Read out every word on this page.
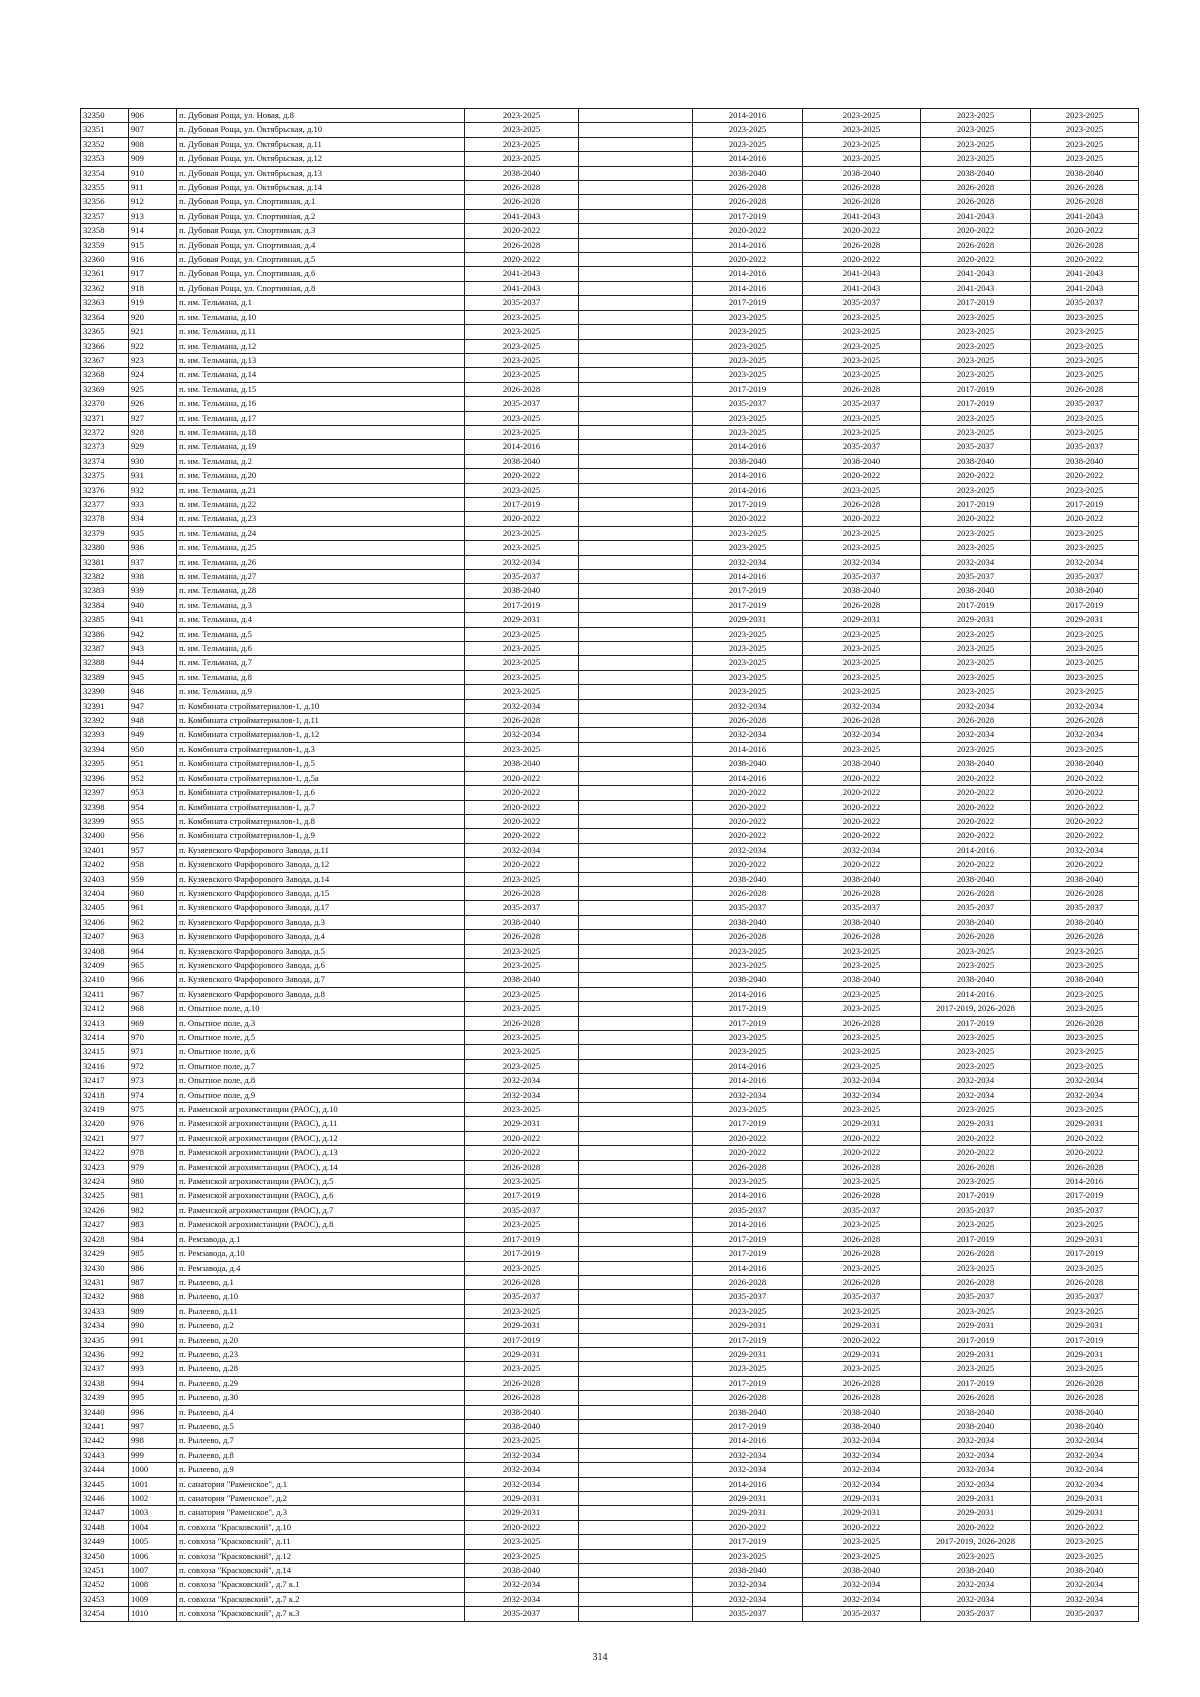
32350	906	п. Дубовая Роща, ул. Новая, д.8	2023-2025		2014-2016	2023-2025	2023-2025	2023-2025
32351	907	п. Дубовая Роща, ул. Октябрьская, д.10	2023-2025		2023-2025	2023-2025	2023-2025	2023-2025
32352	908	п. Дубовая Роща, ул. Октябрьская, д.11	2023-2025		2023-2025	2023-2025	2023-2025	2023-2025
32353	909	п. Дубовая Роща, ул. Октябрьская, д.12	2023-2025		2014-2016	2023-2025	2023-2025	2023-2025
32354	910	п. Дубовая Роща, ул. Октябрьская, д.13	2038-2040		2038-2040	2038-2040	2038-2040	2038-2040
32355	911	п. Дубовая Роща, ул. Октябрьская, д.14	2026-2028		2026-2028	2026-2028	2026-2028	2026-2028
32356	912	п. Дубовая Роща, ул. Спортивная, д.1	2026-2028		2026-2028	2026-2028	2026-2028	2026-2028
32357	913	п. Дубовая Роща, ул. Спортивная, д.2	2041-2043		2017-2019	2041-2043	2041-2043	2041-2043
32358	914	п. Дубовая Роща, ул. Спортивная, д.3	2020-2022		2020-2022	2020-2022	2020-2022	2020-2022
32359	915	п. Дубовая Роща, ул. Спортивная, д.4	2026-2028		2014-2016	2026-2028	2026-2028	2026-2028
32360	916	п. Дубовая Роща, ул. Спортивная, д.5	2020-2022		2020-2022	2020-2022	2020-2022	2020-2022
32361	917	п. Дубовая Роща, ул. Спортивная, д.6	2041-2043		2014-2016	2041-2043	2041-2043	2041-2043
32362	918	п. Дубовая Роща, ул. Спортивная, д.8	2041-2043		2014-2016	2041-2043	2041-2043	2041-2043
32363	919	п. им. Тельмана, д.1	2035-2037		2017-2019	2035-2037	2017-2019	2035-2037
32364	920	п. им. Тельмана, д.10	2023-2025		2023-2025	2023-2025	2023-2025	2023-2025
32365	921	п. им. Тельмана, д.11	2023-2025		2023-2025	2023-2025	2023-2025	2023-2025
32366	922	п. им. Тельмана, д.12	2023-2025		2023-2025	2023-2025	2023-2025	2023-2025
32367	923	п. им. Тельмана, д.13	2023-2025		2023-2025	2023-2025	2023-2025	2023-2025
32368	924	п. им. Тельмана, д.14	2023-2025		2023-2025	2023-2025	2023-2025	2023-2025
32369	925	п. им. Тельмана, д.15	2026-2028		2017-2019	2026-2028	2017-2019	2026-2028
32370	926	п. им. Тельмана, д.16	2035-2037		2035-2037	2035-2037	2017-2019	2035-2037
32371	927	п. им. Тельмана, д.17	2023-2025		2023-2025	2023-2025	2023-2025	2023-2025
32372	928	п. им. Тельмана, д.18	2023-2025		2023-2025	2023-2025	2023-2025	2023-2025
32373	929	п. им. Тельмана, д.19	2014-2016		2014-2016	2035-2037	2035-2037	2035-2037
32374	930	п. им. Тельмана, д.2	2038-2040		2038-2040	2038-2040	2038-2040	2038-2040
32375	931	п. им. Тельмана, д.20	2020-2022		2014-2016	2020-2022	2020-2022	2020-2022
32376	932	п. им. Тельмана, д.21	2023-2025		2014-2016	2023-2025	2023-2025	2023-2025
32377	933	п. им. Тельмана, д.22	2017-2019		2017-2019	2026-2028	2017-2019	2017-2019
32378	934	п. им. Тельмана, д.23	2020-2022		2020-2022	2020-2022	2020-2022	2020-2022
32379	935	п. им. Тельмана, д.24	2023-2025		2023-2025	2023-2025	2023-2025	2023-2025
32380	936	п. им. Тельмана, д.25	2023-2025		2023-2025	2023-2025	2023-2025	2023-2025
32381	937	п. им. Тельмана, д.26	2032-2034		2032-2034	2032-2034	2032-2034	2032-2034
32382	938	п. им. Тельмана, д.27	2035-2037		2014-2016	2035-2037	2035-2037	2035-2037
32383	939	п. им. Тельмана, д.28	2038-2040		2017-2019	2038-2040	2038-2040	2038-2040
32384	940	п. им. Тельмана, д.3	2017-2019		2017-2019	2026-2028	2017-2019	2017-2019
32385	941	п. им. Тельмана, д.4	2029-2031		2029-2031	2029-2031	2029-2031	2029-2031
32386	942	п. им. Тельмана, д.5	2023-2025		2023-2025	2023-2025	2023-2025	2023-2025
32387	943	п. им. Тельмана, д.6	2023-2025		2023-2025	2023-2025	2023-2025	2023-2025
32388	944	п. им. Тельмана, д.7	2023-2025		2023-2025	2023-2025	2023-2025	2023-2025
32389	945	п. им. Тельмана, д.8	2023-2025		2023-2025	2023-2025	2023-2025	2023-2025
32390	946	п. им. Тельмана, д.9	2023-2025		2023-2025	2023-2025	2023-2025	2023-2025
32391	947	п. Комбината стройматериалов-1, д.10	2032-2034		2032-2034	2032-2034	2032-2034	2032-2034
32392	948	п. Комбината стройматериалов-1, д.11	2026-2028		2026-2028	2026-2028	2026-2028	2026-2028
32393	949	п. Комбината стройматериалов-1, д.12	2032-2034		2032-2034	2032-2034	2032-2034	2032-2034
32394	950	п. Комбината стройматериалов-1, д.3	2023-2025		2014-2016	2023-2025	2023-2025	2023-2025
32395	951	п. Комбината стройматериалов-1, д.5	2038-2040		2038-2040	2038-2040	2038-2040	2038-2040
32396	952	п. Комбината стройматериалов-1, д.5а	2020-2022		2014-2016	2020-2022	2020-2022	2020-2022
32397	953	п. Комбината стройматериалов-1, д.6	2020-2022		2020-2022	2020-2022	2020-2022	2020-2022
32398	954	п. Комбината стройматериалов-1, д.7	2020-2022		2020-2022	2020-2022	2020-2022	2020-2022
32399	955	п. Комбината стройматериалов-1, д.8	2020-2022		2020-2022	2020-2022	2020-2022	2020-2022
32400	956	п. Комбината стройматериалов-1, д.9	2020-2022		2020-2022	2020-2022	2020-2022	2020-2022
32401	957	п. Кузяевского Фарфорового Завода, д.11	2032-2034		2032-2034	2032-2034	2014-2016	2032-2034
32402	958	п. Кузяевского Фарфорового Завода, д.12	2020-2022		2020-2022	2020-2022	2020-2022	2020-2022
32403	959	п. Кузяевского Фарфорового Завода, д.14	2023-2025		2038-2040	2038-2040	2038-2040	2038-2040
32404	960	п. Кузяевского Фарфорового Завода, д.15	2026-2028		2026-2028	2026-2028	2026-2028	2026-2028
32405	961	п. Кузяевского Фарфорового Завода, д.17	2035-2037		2035-2037	2035-2037	2035-2037	2035-2037
32406	962	п. Кузяевского Фарфорового Завода, д.3	2038-2040		2038-2040	2038-2040	2038-2040	2038-2040
32407	963	п. Кузяевского Фарфорового Завода, д.4	2026-2028		2026-2028	2026-2028	2026-2028	2026-2028
32408	964	п. Кузяевского Фарфорового Завода, д.5	2023-2025		2023-2025	2023-2025	2023-2025	2023-2025
32409	965	п. Кузяевского Фарфорового Завода, д.6	2023-2025		2023-2025	2023-2025	2023-2025	2023-2025
32410	966	п. Кузяевского Фарфорового Завода, д.7	2038-2040		2038-2040	2038-2040	2038-2040	2038-2040
32411	967	п. Кузяевского Фарфорового Завода, д.8	2023-2025		2014-2016	2023-2025	2014-2016	2023-2025
32412	968	п. Опытное поле, д.10	2023-2025		2017-2019	2023-2025	2017-2019, 2026-2028	2023-2025
32413	969	п. Опытное поле, д.3	2026-2028		2017-2019	2026-2028	2017-2019	2026-2028
32414	970	п. Опытное поле, д.5	2023-2025		2023-2025	2023-2025	2023-2025	2023-2025
32415	971	п. Опытное поле, д.6	2023-2025		2023-2025	2023-2025	2023-2025	2023-2025
32416	972	п. Опытное поле, д.7	2023-2025		2014-2016	2023-2025	2023-2025	2023-2025
32417	973	п. Опытное поле, д.8	2032-2034		2014-2016	2032-2034	2032-2034	2032-2034
32418	974	п. Опытное поле, д.9	2032-2034		2032-2034	2032-2034	2032-2034	2032-2034
32419	975	п. Раменской агрохимстанции (РАОС), д.10	2023-2025		2023-2025	2023-2025	2023-2025	2023-2025
32420	976	п. Раменской агрохимстанции (РАОС), д.11	2029-2031		2017-2019	2029-2031	2029-2031	2029-2031
32421	977	п. Раменской агрохимстанции (РАОС), д.12	2020-2022		2020-2022	2020-2022	2020-2022	2020-2022
32422	978	п. Раменской агрохимстанции (РАОС), д.13	2020-2022		2020-2022	2020-2022	2020-2022	2020-2022
32423	979	п. Раменской агрохимстанции (РАОС), д.14	2026-2028		2026-2028	2026-2028	2026-2028	2026-2028
32424	980	п. Раменской агрохимстанции (РАОС), д.5	2023-2025		2023-2025	2023-2025	2023-2025	2014-2016
32425	981	п. Раменской агрохимстанции (РАОС), д.6	2017-2019		2014-2016	2026-2028	2017-2019	2017-2019
32426	982	п. Раменской агрохимстанции (РАОС), д.7	2035-2037		2035-2037	2035-2037	2035-2037	2035-2037
32427	983	п. Раменской агрохимстанции (РАОС), д.8	2023-2025		2014-2016	2023-2025	2023-2025	2023-2025
32428	984	п. Ремзавода, д.1	2017-2019		2017-2019	2026-2028	2017-2019	2029-2031
32429	985	п. Ремзавода, д.10	2017-2019		2017-2019	2026-2028	2026-2028	2017-2019
32430	986	п. Ремзавода, д.4	2023-2025		2014-2016	2023-2025	2023-2025	2023-2025
32431	987	п. Рылеево, д.1	2026-2028		2026-2028	2026-2028	2026-2028	2026-2028
32432	988	п. Рылеево, д.10	2035-2037		2035-2037	2035-2037	2035-2037	2035-2037
32433	989	п. Рылеево, д.11	2023-2025		2023-2025	2023-2025	2023-2025	2023-2025
32434	990	п. Рылеево, д.2	2029-2031		2029-2031	2029-2031	2029-2031	2029-2031
32435	991	п. Рылеево, д.20	2017-2019		2017-2019	2020-2022	2017-2019	2017-2019
32436	992	п. Рылеево, д.23	2029-2031		2029-2031	2029-2031	2029-2031	2029-2031
32437	993	п. Рылеево, д.28	2023-2025		2023-2025	2023-2025	2023-2025	2023-2025
32438	994	п. Рылеево, д.29	2026-2028		2017-2019	2026-2028	2017-2019	2026-2028
32439	995	п. Рылеево, д.30	2026-2028		2026-2028	2026-2028	2026-2028	2026-2028
32440	996	п. Рылеево, д.4	2038-2040		2038-2040	2038-2040	2038-2040	2038-2040
32441	997	п. Рылеево, д.5	2038-2040		2017-2019	2038-2040	2038-2040	2038-2040
32442	998	п. Рылеево, д.7	2023-2025		2014-2016	2032-2034	2032-2034	2032-2034
32443	999	п. Рылеево, д.8	2032-2034		2032-2034	2032-2034	2032-2034	2032-2034
32444	1000	п. Рылеево, д.9	2032-2034		2032-2034	2032-2034	2032-2034	2032-2034
32445	1001	п. санатория "Раменское", д.1	2032-2034		2014-2016	2032-2034	2032-2034	2032-2034
32446	1002	п. санатория "Раменское", д.2	2029-2031		2029-2031	2029-2031	2029-2031	2029-2031
32447	1003	п. санатория "Раменское", д.3	2029-2031		2029-2031	2029-2031	2029-2031	2029-2031
32448	1004	п. совхоза "Красковский", д.10	2020-2022		2020-2022	2020-2022	2020-2022	2020-2022
32449	1005	п. совхоза "Красковский", д.11	2023-2025		2017-2019	2023-2025	2017-2019, 2026-2028	2023-2025
32450	1006	п. совхоза "Красковский", д.12	2023-2025		2023-2025	2023-2025	2023-2025	2023-2025
32451	1007	п. совхоза "Красковский", д.14	2038-2040		2038-2040	2038-2040	2038-2040	2038-2040
32452	1008	п. совхоза "Красковский", д.7 к.1	2032-2034		2032-2034	2032-2034	2032-2034	2032-2034
32453	1009	п. совхоза "Красковский", д.7 к.2	2032-2034		2032-2034	2032-2034	2032-2034	2032-2034
32454	1010	п. совхоза "Красковский", д.7 к.3	2035-2037		2035-2037	2035-2037	2035-2037	2035-2037
314
